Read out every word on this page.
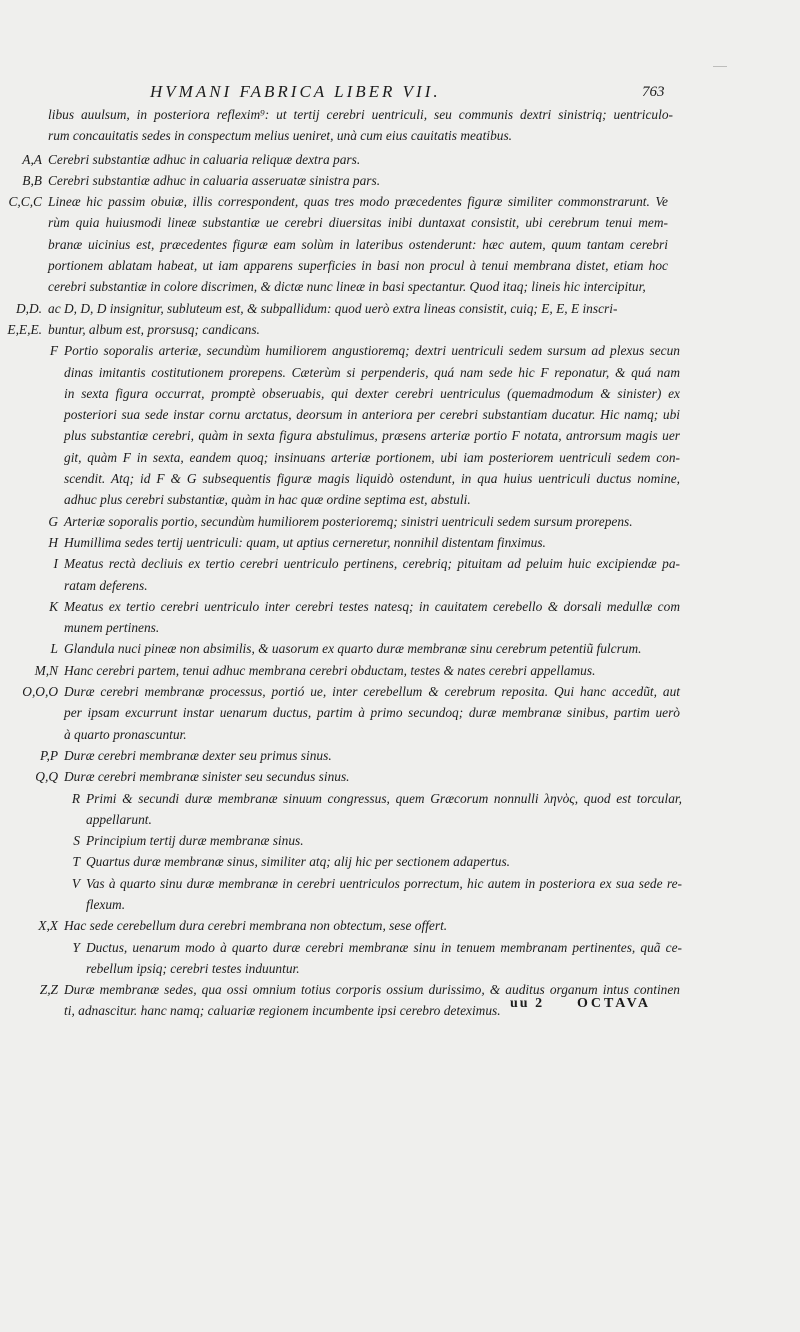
HVMANI FABRICA LIBER VII.	763
libus auulsum, in posteriora reflexim⁹: ut tertij cerebri uentriculi, seu communis dextri sinistriq; uentriculo-
rum concauitatis sedes in conspectum melius ueniret, unà cum eius cauitatis meatibus.
A,A Cerebri substantiæ adhuc in caluaria reliquæ dextra pars.
B,B Cerebri substantiæ adhuc in caluaria asseruatæ sinistra pars.
C,C,C Lineæ hic passim obuiæ, illis correspondent, quas tres modo præcedentes figuræ similiter commonstrarunt. Ve
rùm quia huiusmodi lineæ substantiæ ue cerebri diuersitas inibi duntaxat consistit, ubi cerebrum tenui mem-
branæ uicinius est, præcedentes figuræ eam solùm in lateribus ostenderunt: hæc autem, quum tantam cerebri
portionem ablatam habeat, ut iam apparens superficies in basi non procul à tenui membrana distet, etiam hoc
cerebri substantiæ in colore discrimen, & dictæ nunc lineæ in basi spectantur. Quod itaq; lineis hic intercipitur,
D,D. ac D, D, D insignitur, subluteum est, & subpallidum: quod uerò extra lineas consistit, cuiq; E, E, E inscri-
E,E,E. buntur, album est, prorsusq; candicans.
F Portio soporalis arteriæ, secundùm humiliorem angustioremq; dextri uentriculi sedem sursum ad plexus secun
dinas imitantis costitutionem prorepens. Cæterùm si perpenderis, quá nam sede hic F reponatur, & quá nam
in sexta figura occurrat, promptè obseruabis, qui dexter cerebri uentriculus (quemadmodum & sinister) ex
posteriori sua sede instar cornu arctatus, deorsum in anteriora per cerebri substantiam ducatur. Hic namq; ubi
plus substantiæ cerebri, quàm in sexta figura abstulimus, præsens arteriæ portio F notata, antrorsum magis uer
git, quàm F in sexta, eandem quoq; insinuans arteriæ portionem, ubi iam posteriorem uentriculi sedem con-
scendit. Atq; id F & G subsequentis figuræ magis liquidò ostendunt, in qua huius uentriculi ductus nomine,
adhuc plus cerebri substantiæ, quàm in hac quæ ordine septima est, abstuli.
G Arteriæ soporalis portio, secundùm humiliorem posterioremq; sinistri uentriculi sedem sursum prorepens.
H Humillima sedes tertij uentriculi: quam, ut aptius cerneretur, nonnihil distentam finximus.
I Meatus rectà decliuis ex tertio cerebri uentriculo pertinens, cerebriq; pituitam ad peluim huic excipiendæ pa-
ratam deferens.
K Meatus ex tertio cerebri uentriculo inter cerebri testes natesq; in cauitatem cerebello & dorsali medullæ com
munem pertinens.
L Glandula nuci pineæ non absimilis, & uasorum ex quarto duræ membranæ sinu cerebrum petentiũ fulcrum.
M,N Hanc cerebri partem, tenui adhuc membrana cerebri obductam, testes & nates cerebri appellamus.
O,O,O Duræ cerebri membranæ processus, portió ue, inter cerebellum & cerebrum reposita. Qui hanc accedũt, aut
per ipsam excurrunt instar uenarum ductus, partim à primo secundoq; duræ membranæ sinibus, partim uerò
à quarto pronascuntur.
P,P Duræ cerebri membranæ dexter seu primus sinus.
Q,Q Duræ cerebri membranæ sinister seu secundus sinus.
R Primi & secundi duræ membranæ sinuum congressus, quem Græcorum nonnulli ληνὸς, quod est torcular,
appellarunt.
S Principium tertij duræ membranæ sinus.
T Quartus duræ membranæ sinus, similiter atq; alij hic per sectionem adapertus.
V Vas à quarto sinu duræ membranæ in cerebri uentriculos porrectum, hic autem in posteriora ex sua sede re-
flexum.
X,X Hac sede cerebellum dura cerebri membrana non obtectum, sese offert.
Y Ductus, uenarum modo à quarto duræ cerebri membranæ sinu in tenuem membranam pertinentes, quã ce-
rebellum ipsiq; cerebri testes induuntur.
Z,Z Duræ membranæ sedes, qua ossi omnium totius corporis ossium durissimo, & auditus organum intus continen
ti, adnascitur. hanc namq; caluariæ regionem incumbente ipsi cerebro deteximus. uu 2 OCTAVA
